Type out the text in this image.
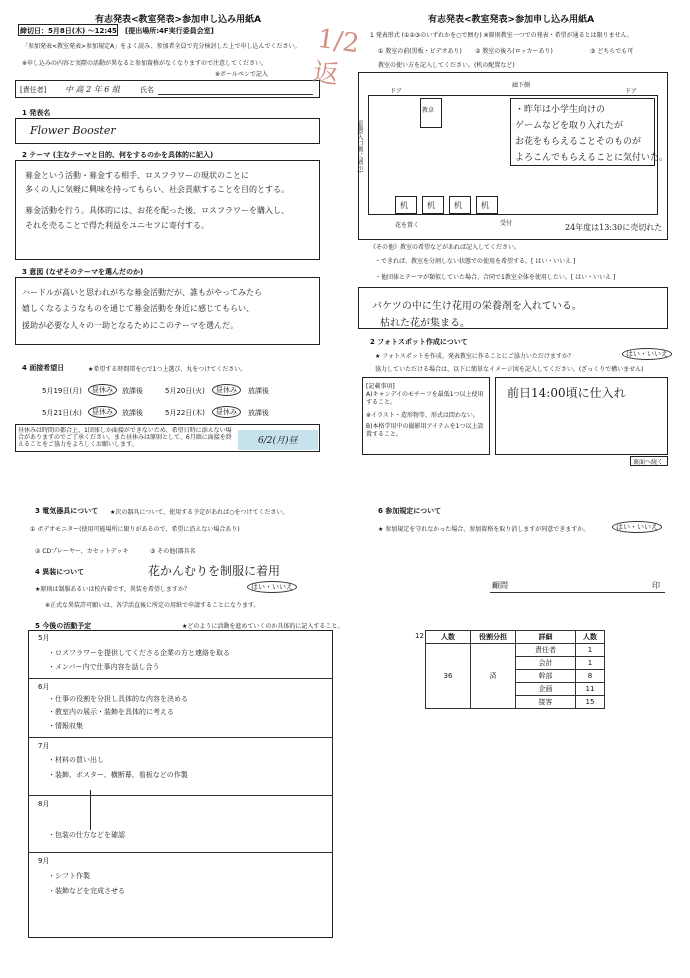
有志発表<教室発表>参加申し込み用紙A
締切日：5月8日(木) ～12:45 [提出場所:4F実行委員会室]
「参加発表<教室発表>参加規定A」をよく読み、参加者全員で充分検討した上で申し込んでください。
※申し込みの内容と実際の活動が異なると参加資格がなくなりますので注意してください。
※ボールペンで記入
[責任者] 中 高 2 年 6 組	氏名
1 発表名
Flower Booster
2 テーマ (主なテーマと目的、何をするのかを具体的に記入)
募金という活動・募金する相手、ロスフラワーの現状のことに
多くの人に気軽に興味を持ってもらい、社会貢献することを目的とする。
募金活動を行う。具体的には、お花を配った後、ロスフラワーを購入し、
それを売ることで得た利益をユニセフに寄付する。
3 意図 (なぜそのテーマを選んだのか)
ハードルが高いと思われがちな募金活動だが、誰もがやってみたら
嬉しくなるようなものを通じて募金活動を身近に感じてもらい、
援助が必要な人々の一助となるためにこのテーマを選んだ。
4 面接希望日	★希望する時間帯を○で1つ上選び、丸をつけてください。
5月19日(月)	昼休み	放課後	5月20日(火)	昼休み	放課後
5月21日(水)	昼休み	放課後	5月22日(木)	昼休み	放課後
昼休みは時間の都合上、1団体しか面接ができないため、希望日時に添えない場合がありますのでご了承ください。また昼休みは原則として、6月頭に面接を終えることをご協力をよろしくお願いします。	6/2(月)昼
1/2 返
有志発表<教室発表>参加申し込み用紙A
1 発表形式 (①②③のいずれかを○で囲む) ※原則教室一つでの発表・希望が通るとは限りません。
① 教室の前(黒板・ビデオあり) ② 教室の後ろ(ロッカーあり)	③ どちらでも可
教室の使い方を記入してください。(机の配置など)
ドア	ドア
廊下側
教卓
窓側(入口側に展示)
机 机 机 机
花を置く	受付
・昨年は小学生向けの
ゲームなどを取り入れたが
お花をもらえることそのものが
よろこんでもらえることに気付いた。
24年度は13:30に売切れた
《その他》教室の希望などがあれば記入してください。
・できれば、教室を分割しない状態での使用を希望する。[ はい・いいえ ]
・他団体とテーマが類似していた場合、合同で1教室全体を使用したい。[ はい・いいえ ]
バケツの中に生け花用の栄養剤を入れている。
枯れた花が集まる。
2 フォトスポット作成について
★ フォトスポットを作成、発表教室に作ることにご協力いただけますか？	はい・いいえ
協力していただける場合は、以下に簡単なイメージ図を記入してください。(ざっくりで構いません)
[記載事項]
A)キャンデイのモチーフを最低1つ以上使用すること。
※イラスト・造形物等、形式は問わない。
B)本格学用中の撮影用アイテムを1つ以上設置すること。
前日14:00頃に仕入れ
裏面へ続く
3 電気器具について ★次の器具について、使用する予定があれば○をつけてください。
① ボデオモニター(使用可能場所に限りがあるので、希望に沿えない場合あり)
② CDプレーヤー、カセットデッキ	③ その他(器具名
4 異装について	花かんむりを制服に着用
★原則は制服あるいは校内着です。異装を希望しますか？	はい・いいえ
※正式な異装許可願いは、各学活直後に所定の用紙で申請することになります。
5 今後の活動予定	★どのように活動を進めていくのか具体的に記入すること。
5月
・ロスフラワーを提供してくださる企業の方と連絡を取る
・メンバー内で仕事内容を話し合う
6月
・仕事の役割を分担し具体的な内容を決める
・教室内の展示・装飾を具体的に考える
・情報収集
7月
・材料の買い出し
・装飾、ポスター、横断幕、看板などの作製
8月
・包装の仕方などを確認
9月
・シフト作製
・装飾などを完成させる
6 参加規定について
★ 参加規定を守れなかった場合、参加資格を取り消しますが同意できますか。	はい・いいえ
顧問	印
12 人数	役割分担	詳細	人数
36	済	責任者	1
		会計	1
		幹部	8
		企画	11
		接客	15
